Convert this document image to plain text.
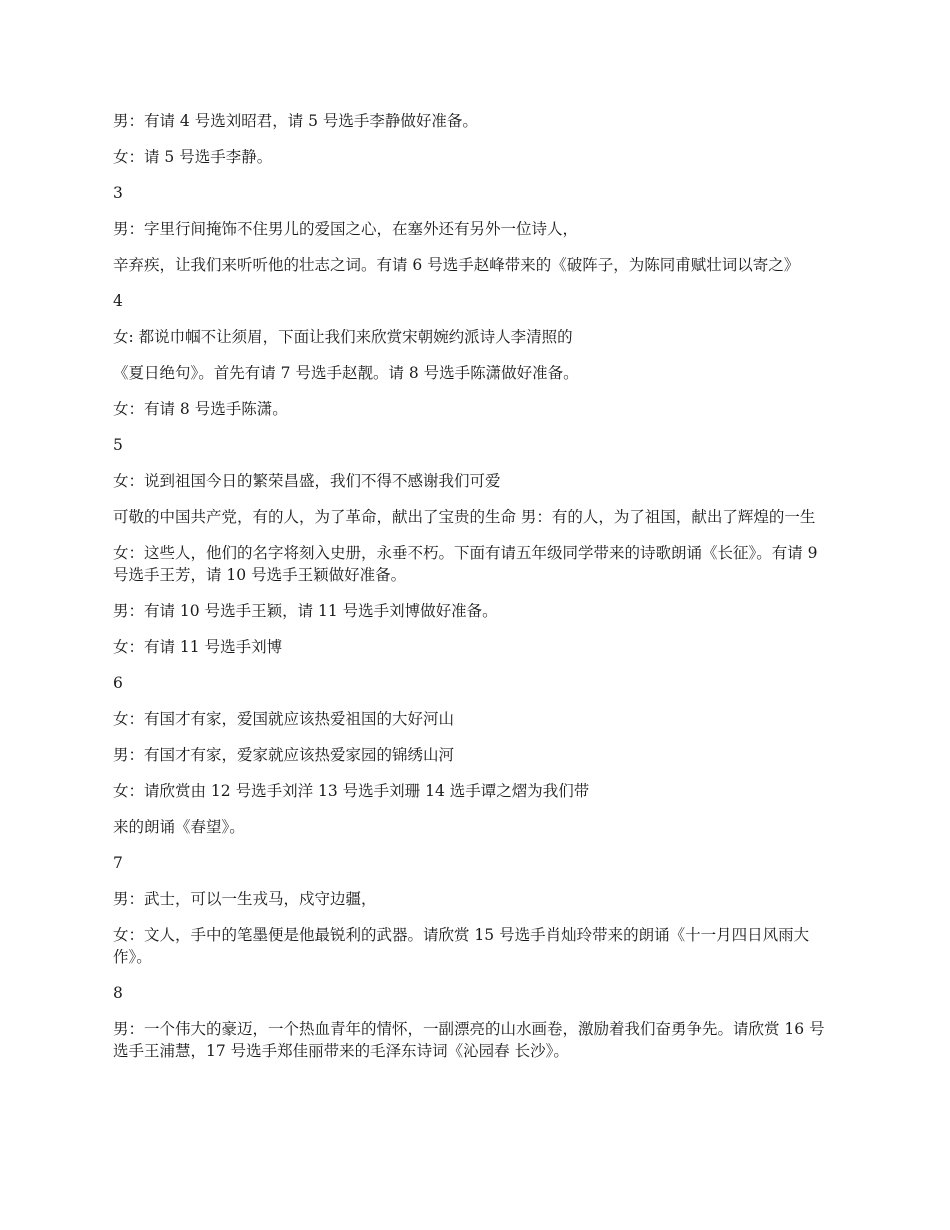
男：有请 4 号选刘昭君，请 5 号选手李静做好准备。

女：请 5 号选手李静。

3

男：字里行间掩饰不住男儿的爱国之心，在塞外还有另外一位诗人，

辛弃疾，让我们来听听他的壮志之词。有请 6 号选手赵峰带来的《破阵子，为陈同甫赋壮词以寄之》

4

女: 都说巾帼不让须眉，下面让我们来欣赏宋朝婉约派诗人李清照的

《夏日绝句》。首先有请 7 号选手赵靓。请 8 号选手陈潇做好准备。

女：有请 8 号选手陈潇。

5

女：说到祖国今日的繁荣昌盛，我们不得不感谢我们可爱

可敬的中国共产党，有的人，为了革命，献出了宝贵的生命 男：有的人，为了祖国，献出了辉煌的一生

女：这些人，他们的名字将刻入史册，永垂不朽。下面有请五年级同学带来的诗歌朗诵《长征》。有请 9 号选手王芳，请 10 号选手王颖做好准备。

男：有请 10 号选手王颖，请 11 号选手刘博做好准备。

女：有请 11 号选手刘博

6

女：有国才有家，爱国就应该热爱祖国的大好河山

男：有国才有家，爱家就应该热爱家园的锦绣山河

女：请欣赏由 12 号选手刘洋 13 号选手刘珊 14 选手谭之熠为我们带

来的朗诵《春望》。

7

男：武士，可以一生戎马，戍守边疆，

女：文人，手中的笔墨便是他最锐利的武器。请欣赏 15 号选手肖灿玲带来的朗诵《十一月四日风雨大作》。

8

男：一个伟大的豪迈，一个热血青年的情怀，一副漂亮的山水画卷，激励着我们奋勇争先。请欣赏 16 号选手王浦慧，17 号选手郑佳丽带来的毛泽东诗词《沁园春 长沙》。
